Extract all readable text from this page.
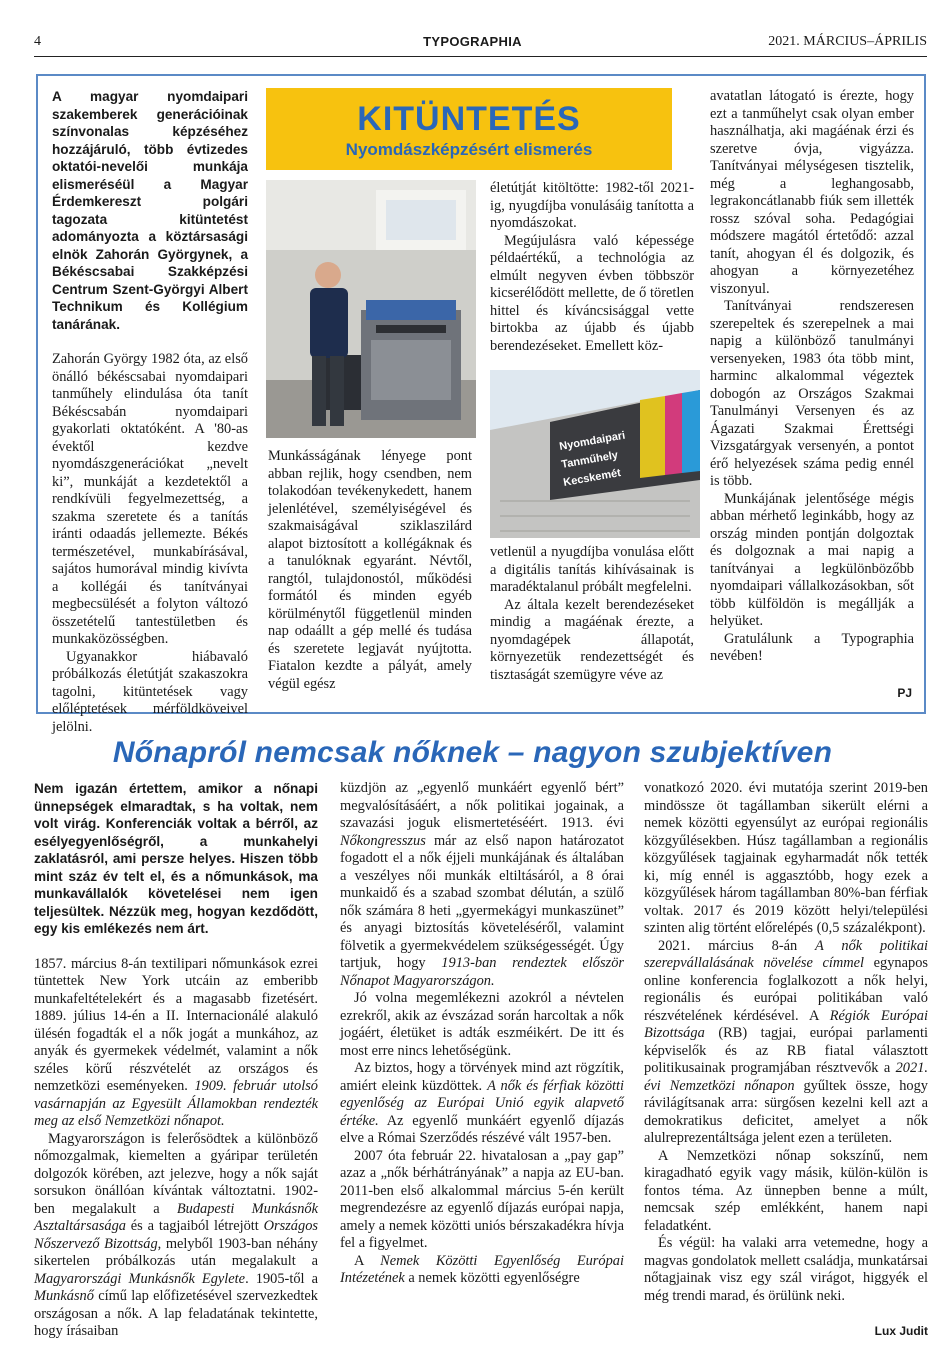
4	TYPOGRAPHIA	2021. MÁRCIUS–ÁPRILIS

A magyar nyomdaipari szakemberek generációinak színvonalas képzéséhez hozzájáruló, több évtizedes oktatói-nevelői munkája elismeréséül a Magyar Érdemkereszt polgári tagozata kitüntetést adományozta a köztársasági elnök Zahorán Györgynek, a Békéscsabai Szakképzési Centrum Szent-Györgyi Albert Technikum és Kollégium tanárának.

Zahorán György 1982 óta, az első önálló békéscsabai nyomdaipari tanműhely elindulása óta tanít Békéscsabán nyomdaipari gyakorlati oktatóként. A '80-as évektől kezdve nyomdászgenerációkat „nevelt ki”, munkáját a kezdetektől a rendkívüli fegyelmezettség, a szakma szeretete és a tanítás iránti odaadás jellemezte. Békés természetével, munkabírásával, sajátos humorával mindig kivívta a kollégái és tanítványai megbecsülését a folyton változó összetételű tantestületben és munkaközösségben.

Ugyanakkor hiábavaló próbálkozás életútját szakaszokra tagolni, kitüntetések vagy előléptetések mérföldköveivel jelölni.

KITÜNTETÉS
Nyomdászképzésért elismerés

Munkásságának lényege pont abban rejlik, hogy csendben, nem tolakodóan tevékenykedett, hanem jelenlétével, személyiségével és szakmaiságával sziklaszilárd alapot biztosított a kollégáknak és a tanulóknak egyaránt. Névtől, rangtól, tulajdonostól, működési formától és minden egyéb körülménytől függetlenül minden nap odaállt a gép mellé és tudása és szeretete legjavát nyújtotta. Fiatalon kezdte a pályát, amely végül egész

életútját kitöltötte: 1982-től 2021-ig, nyugdíjba vonulásáig tanította a nyomdászokat.

Megújulásra való képessége példaértékű, a technológia az elmúlt negyven évben többször kicserélődött mellette, de ő töretlen hittel és kíváncsisággal vette birtokba az újabb és újabb berendezéseket. Emellett köz-

Nyomdaipari
Tanműhely
Kecskemét

vetlenül a nyugdíjba vonulása előtt a digitális tanítás kihívásainak is maradéktalanul próbált megfelelni.

Az általa kezelt berendezéseket mindig a magáénak érezte, a nyomdagépek állapotát, környezetük rendezettségét és tisztaságát szemügyre véve az

avatatlan látogató is érezte, hogy ezt a tanműhelyt csak olyan ember használhatja, aki magáénak érzi és szeretve óvja, vigyázza. Tanítványai mélységesen tisztelik, még a leghangosabb, legrakoncátlanabb fiúk sem illették rossz szóval soha. Pedagógiai módszere magától értetődő: azzal tanít, ahogyan él és dolgozik, és ahogyan a környezetéhez viszonyul.

Tanítványai rendszeresen szerepeltek és szerepelnek a mai napig a különböző tanulmányi versenyeken, 1983 óta több mint, harminc alkalommal végeztek dobogón az Országos Szakmai Tanulmányi Versenyen és az Ágazati Szakmai Érettségi Vizsgatárgyak versenyén, a pontot érő helyezések száma pedig ennél is több.

Munkájának jelentősége mégis abban mérhető leginkább, hogy az ország minden pontján dolgoztak és dolgoznak a mai napig a tanítványai a legkülönbözőbb nyomdaipari vállalkozásokban, sőt több külföldön is megállják a helyüket.

Gratulálunk a Typographia nevében!

PJ
Nőnapról nemcsak nőknek – nagyon szubjektíven

Nem igazán értettem, amikor a nőnapi ünnepségek elmaradtak, s ha voltak, nem volt virág. Konferenciák voltak a bérről, az esélyegyenlőségről, a munkahelyi zaklatásról, ami persze helyes. Hiszen több mint száz év telt el, és a nőmunkások, ma munkavállalók követelései nem igen teljesültek. Nézzük meg, hogyan kezdődött, egy kis emlékezés nem árt.

1857. március 8-án textilipari nőmunkások ezrei tüntettek New York utcáin az emberibb munkafeltételekért és a magasabb fizetésért. 1889. július 14-én a II. Internacionálé alakuló ülésén fogadták el a nők jogát a munkához, az anyák és gyermekek védelmét, valamint a nők széles körű részvételét az országos és nemzetközi eseményeken. 1909. február utolsó vasárnapján az Egyesült Államokban rendezték meg az első Nemzetközi nőnapot.

Magyarországon is felerősödtek a különböző nőmozgalmak, kiemelten a gyáripar területén dolgozók körében, azt jelezve, hogy a nők saját sorsukon önállóan kívántak változtatni. 1902-ben megalakult a Budapesti Munkásnők Asztaltársasága és a tagjaiból létrejött Országos Nőszervező Bizottság, melyből 1903-ban néhány sikertelen próbálkozás után megalakult a Magyarországi Munkásnők Egylete. 1905-től a Munkásnő című lap előfizetésével szervezkedtek országosan a nők. A lap feladatának tekintette, hogy írásaiban

küzdjön az „egyenlő munkáért egyenlő bért” megvalósításáért, a nők politikai jogainak, a szavazási joguk elismertetéséért. 1913. évi Nőkongresszus már az első napon határozatot fogadott el a nők éjjeli munkájának és általában a veszélyes női munkák eltiltásáról, a 8 órai munkaidő és a szabad szombat délután, a szülő nők számára 8 heti „gyermekágyi munkaszünet” és anyagi biztosítás követeléséről, valamint fölvetik a gyermekvédelem szükségességét. Úgy tartjuk, hogy 1913-ban rendeztek először Nőnapot Magyarországon.

Jó volna megemlékezni azokról a névtelen ezrekről, akik az évszázad során harcoltak a nők jogáért, életüket is adták eszméikért. De itt és most erre nincs lehetőségünk.

Az biztos, hogy a törvények mind azt rögzítik, amiért eleink küzdöttek. A nők és férfiak közötti egyenlőség az Európai Unió egyik alapvető értéke. Az egyenlő munkáért egyenlő díjazás elve a Római Szerződés részévé vált 1957-ben.

2007 óta február 22. hivatalosan a „pay gap” azaz a „nők bérhátrányának” a napja az EU-ban. 2011-ben első alkalommal március 5-én került megrendezésre az egyenlő díjazás európai napja, amely a nemek közötti uniós bérszakadékra hívja fel a figyelmet.

A Nemek Közötti Egyenlőség Európai Intézetének a nemek közötti egyenlőségre

vonatkozó 2020. évi mutatója szerint 2019-ben mindössze öt tagállamban sikerült elérni a nemek közötti egyensúlyt az európai regionális közgyűlésekben. Húsz tagállamban a regionális közgyűlések tagjainak egyharmadát nők tették ki, míg ennél is aggasztóbb, hogy ezek a közgyűlések három tagállamban 80%-ban férfiak voltak. 2017 és 2019 között helyi/települési szinten alig történt előrelépés (0,5 százalékpont).

2021. március 8-án A nők politikai szerepvállalásának növelése címmel egynapos online konferencia foglalkozott a nők helyi, regionális és európai politikában való részvételének kérdésével. A Régiók Európai Bizottsága (RB) tagjai, európai parlamenti képviselők és az RB fiatal választott politikusainak programjában résztvevők a 2021. évi Nemzetközi nőnapon gyűltek össze, hogy rávilágítsanak arra: sürgősen kezelni kell azt a demokratikus deficitet, amelyet a nők alulreprezentáltsága jelent ezen a területen.

A Nemzetközi nőnap sokszínű, nem kiragadható egyik vagy másik, külön-külön is fontos téma. Az ünnepben benne a múlt, nemcsak szép emlékként, hanem napi feladatként.

És végül: ha valaki arra vetemedne, hogy a magvas gondolatok mellett családja, munkatársai nőtagjainak visz egy szál virágot, higgyék el még trendi marad, és örülünk neki.

Lux Judit
